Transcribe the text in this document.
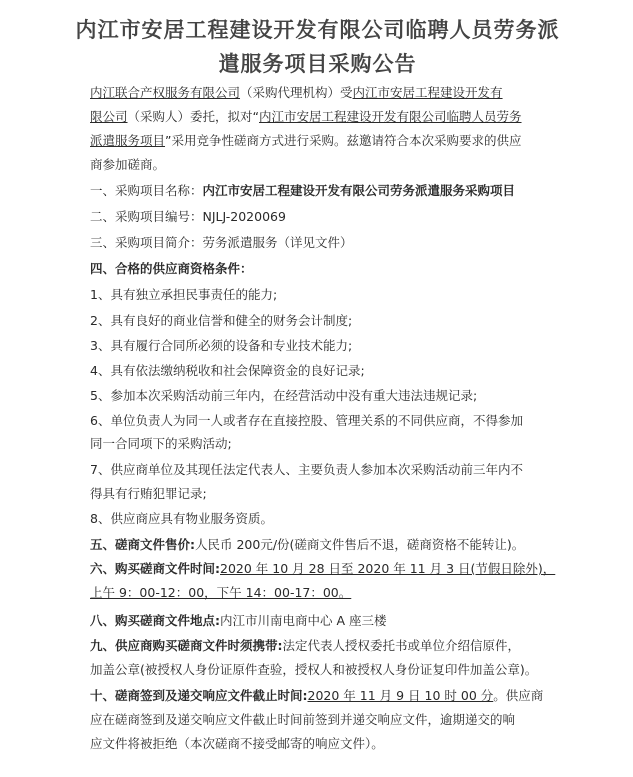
内江市安居工程建设开发有限公司临聘人员劳务派
遣服务项目采购公告
内江联合产权服务有限公司（采购代理机构）受内江市安居工程建设开发有
限公司（采购人）委托，拟对“内江市安居工程建设开发有限公司临聘人员劳务
派遣服务项目”采用竞争性磋商方式进行采购。兹邀请符合本次采购要求的供应
商参加磋商。
一、采购项目名称：内江市安居工程建设开发有限公司劳务派遣服务采购项目
二、采购项目编号：NJLJ-2020069
三、采购项目简介：劳务派遣服务（详见文件）
四、合格的供应商资格条件：
1、具有独立承担民事责任的能力;
2、具有良好的商业信誉和健全的财务会计制度;
3、具有履行合同所必须的设备和专业技术能力;
4、具有依法缴纳税收和社会保障资金的良好记录;
5、参加本次采购活动前三年内，在经营活动中没有重大违法违规记录;
6、单位负责人为同一人或者存在直接控股、管理关系的不同供应商，不得参加
同一合同项下的采购活动;
7、供应商单位及其现任法定代表人、主要负责人参加本次采购活动前三年内不
得具有行贿犯罪记录;
8、供应商应具有物业服务资质。
五、磋商文件售价:人民币 200元/份(磋商文件售后不退，磋商资格不能转让)。
六、购买磋商文件时间:2020 年 10 月 28 日至 2020 年 11 月 3 日(节假日除外)，
上午 9：00-12：00，下午 14：00-17：00。
八、购买磋商文件地点:内江市川南电商中心 A 座三楼
九、供应商购买磋商文件时须携带:法定代表人授权委托书或单位介绍信原件，
加盖公章(被授权人身份证原件查验，授权人和被授权人身份证复印件加盖公章)。
十、磋商签到及递交响应文件截止时间:2020 年 11 月 9 日 10 时 00 分。供应商
应在磋商签到及递交响应文件截止时间前签到并递交响应文件，逾期递交的响
应文件将被拒绝（本次磋商不接受邮寄的响应文件）。
